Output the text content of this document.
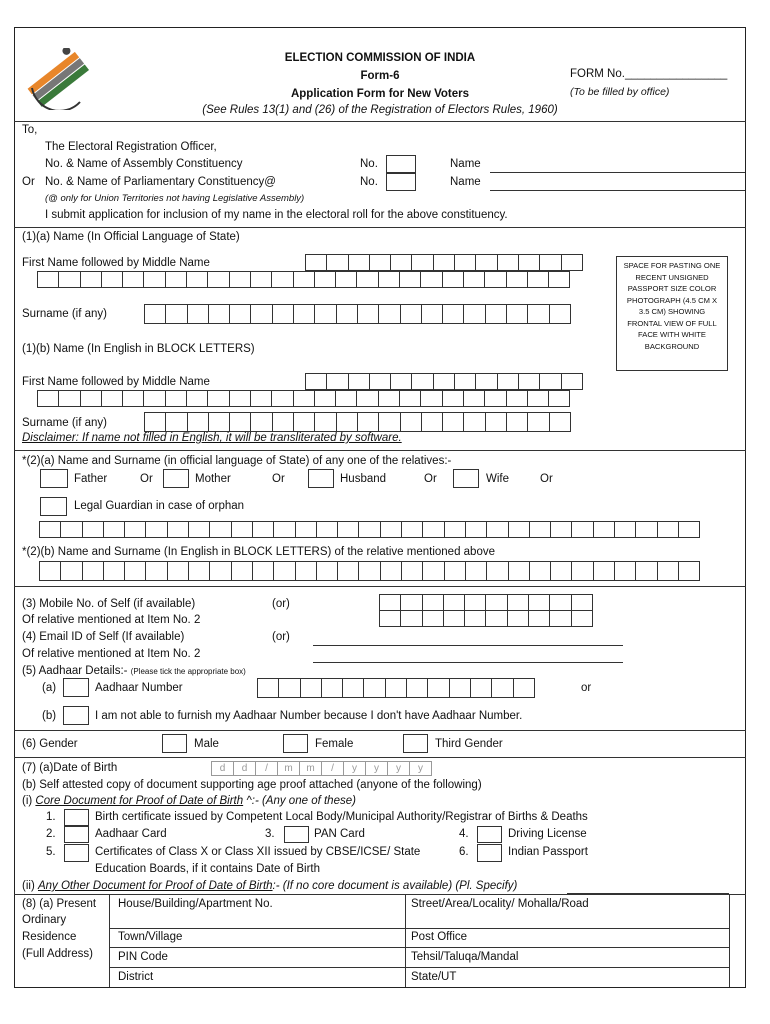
ELECTION COMMISSION OF INDIA
Form-6
Application Form for New Voters
(See Rules 13(1) and (26) of the Registration of Electors Rules, 1960)
FORM No.________________
(To be filled by office)
To,
The Electoral Registration Officer,
No. & Name of Assembly Constituency	No.	Name
Or No. & Name of Parliamentary Constituency@	No.	Name
(@ only for Union Territories not having Legislative Assembly)
I submit application for inclusion of my name in the electoral roll for the above constituency.
(1)(a) Name (In Official Language of State)
First Name followed by Middle Name
Surname (if any)
SPACE FOR PASTING ONE RECENT UNSIGNED PASSPORT SIZE COLOR PHOTOGRAPH (4.5 CM X 3.5 CM) SHOWING FRONTAL VIEW OF FULL FACE WITH WHITE BACKGROUND
(1)(b) Name (In English in BLOCK LETTERS)
First Name followed by Middle Name
Surname (if any)
Disclaimer: If name not filled in English, it will be transliterated by software.
*(2)(a) Name and Surname (in official language of State) of any one of the relatives:-
Father	Or	Mother	Or	Husband	Or	Wife	Or
Legal Guardian in case of orphan
*(2)(b) Name and Surname (In English in BLOCK LETTERS) of the relative mentioned above
(3) Mobile No. of Self (if available)	(or)
Of relative mentioned at Item No. 2
(4) Email ID of Self (If available)	(or)
Of relative mentioned at Item No. 2
(5) Aadhaar Details:- (Please tick the appropriate box)
(a)	Aadhaar Number	or
(b)	I am not able to furnish my Aadhaar Number because I don't have Aadhaar Number.
(6) Gender	Male	Female	Third Gender
(7) (a)Date of Birth	d	d	/	m	m	/	y	y	y	y
(b) Self attested copy of document supporting age proof attached (anyone of the following)
(i) Core Document for Proof of Date of Birth ^:- (Any one of these)
1.	Birth certificate issued by Competent Local Body/Municipal Authority/Registrar of Births & Deaths
2.	Aadhaar Card	3.	PAN Card	4.	Driving License
5.	Certificates of Class X or Class XII issued by CBSE/ICSE/ State	6.	Indian Passport
Education Boards, if it contains Date of Birth
(ii) Any Other Document for Proof of Date of Birth:- (If no core document is available) (Pl. Specify)
(8) (a) Present
Ordinary
Residence
(Full Address)
House/Building/Apartment No.	Street/Area/Locality/ Mohalla/Road
Town/Village	Post Office
PIN Code	Tehsil/Taluqa/Mandal
District	State/UT
